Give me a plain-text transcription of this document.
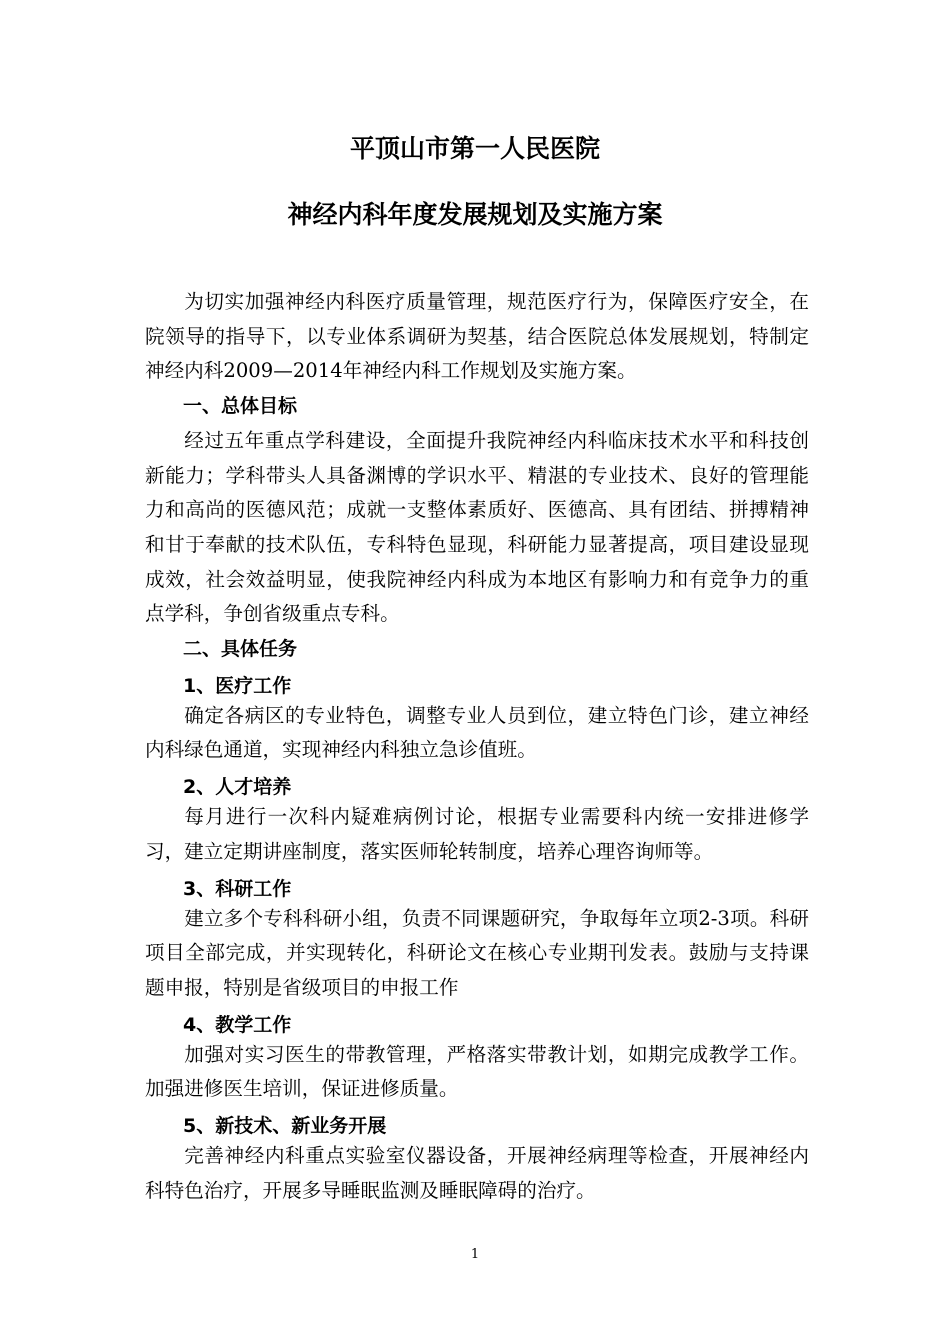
平顶山市第一人民医院
神经内科年度发展规划及实施方案

为切实加强神经内科医疗质量管理，规范医疗行为，保障医疗安全，在院领导的指导下，以专业体系调研为契基，结合医院总体发展规划，特制定神经内科2009—2014年神经内科工作规划及实施方案。

一、总体目标

经过五年重点学科建设，全面提升我院神经内科临床技术水平和科技创新能力；学科带头人具备渊博的学识水平、精湛的专业技术、良好的管理能力和高尚的医德风范；成就一支整体素质好、医德高、具有团结、拼搏精神和甘于奉献的技术队伍，专科特色显现，科研能力显著提高，项目建设显现成效，社会效益明显，使我院神经内科成为本地区有影响力和有竞争力的重点学科，争创省级重点专科。

二、具体任务

1、医疗工作

确定各病区的专业特色，调整专业人员到位，建立特色门诊，建立神经内科绿色通道，实现神经内科独立急诊值班。

2、人才培养

每月进行一次科内疑难病例讨论，根据专业需要科内统一安排进修学习，建立定期讲座制度，落实医师轮转制度，培养心理咨询师等。

3、科研工作

建立多个专科科研小组，负责不同课题研究，争取每年立项2-3项。科研项目全部完成，并实现转化，科研论文在核心专业期刊发表。鼓励与支持课题申报，特别是省级项目的申报工作

4、教学工作

加强对实习医生的带教管理，严格落实带教计划，如期完成教学工作。加强进修医生培训，保证进修质量。

5、新技术、新业务开展

完善神经内科重点实验室仪器设备，开展神经病理等检查，开展神经内科特色治疗，开展多导睡眠监测及睡眠障碍的治疗。

1
